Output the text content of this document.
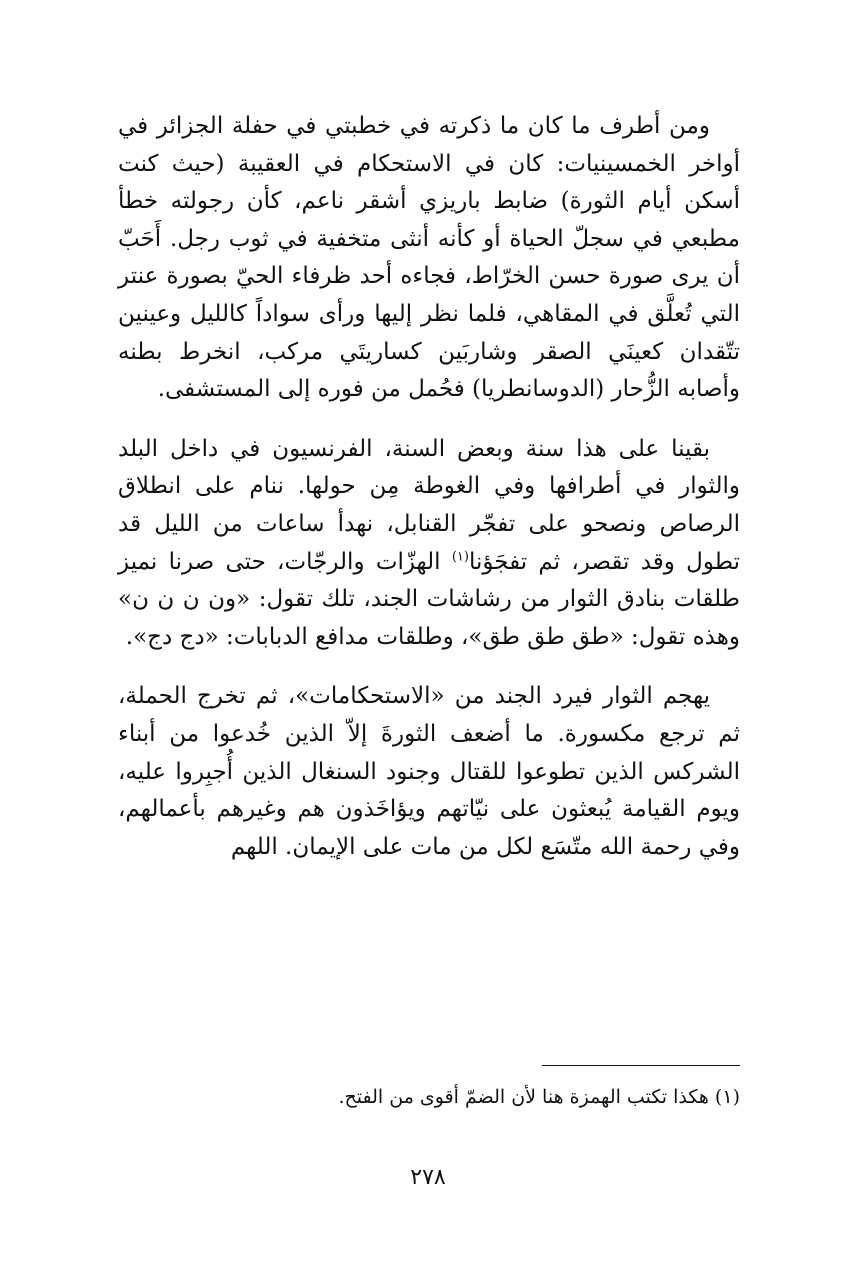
ومن أطرف ما كان ما ذكرته في خطبتي في حفلة الجزائر في أواخر الخمسينيات: كان في الاستحكام في العقيبة (حيث كنت أسكن أيام الثورة) ضابط باريزي أشقر ناعم، كأن رجولته خطأ مطبعي في سجلّ الحياة أو كأنه أنثى متخفية في ثوب رجل. أَحَبّ أن يرى صورة حسن الخرّاط، فجاءه أحد ظرفاء الحيّ بصورة عنتر التي تُعلَّق في المقاهي، فلما نظر إليها ورأى سواداً كالليل وعينين تتّقدان كعينَي الصقر وشاربَين كساريتَي مركب، انخرط بطنه وأصابه الزُّحار (الدوسانطريا) فحُمل من فوره إلى المستشفى.

بقينا على هذا سنة وبعض السنة، الفرنسيون في داخل البلد والثوار في أطرافها وفي الغوطة مِن حولها. ننام على انطلاق الرصاص ونصحو على تفجّر القنابل، نهدأ ساعات من الليل قد تطول وقد تقصر، ثم تفجَؤنا$^{(١)}$ الهزّات والرجّات، حتى صرنا نميز طلقات بنادق الثوار من رشاشات الجند، تلك تقول: «ون ن ن ن» وهذه تقول: «طق طق طق»، وطلقات مدافع الدبابات: «دج دج».

يهجم الثوار فيرد الجند من «الاستحكامات»، ثم تخرج الحملة، ثم ترجع مكسورة. ما أضعف الثورةَ إلاّ الذين خُدعوا من أبناء الشركس الذين تطوعوا للقتال وجنود السنغال الذين أُجبِروا عليه، ويوم القيامة يُبعثون على نيّاتهم ويؤاخَذون هم وغيرهم بأعمالهم، وفي رحمة الله متّسَع لكل من مات على الإيمان. اللهم

(١) هكذا تكتب الهمزة هنا لأن الضمّ أقوى من الفتح.
٢٧٨
